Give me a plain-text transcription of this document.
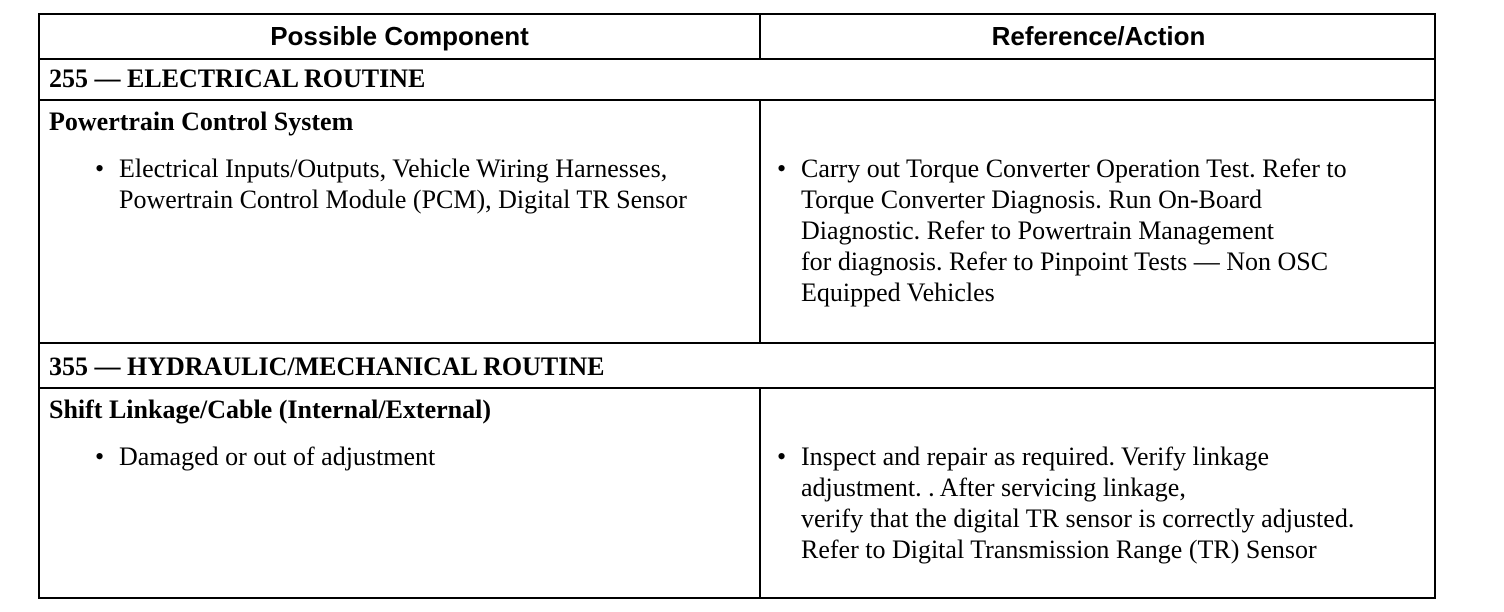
Possible Component	Reference/Action
255 — ELECTRICAL ROUTINE
Powertrain Control System
• Electrical Inputs/Outputs, Vehicle Wiring Harnesses,
Powertrain Control Module (PCM), Digital TR Sensor
• Carry out Torque Converter Operation Test. Refer to
Torque Converter Diagnosis. Run On-Board
Diagnostic. Refer to Powertrain Management
for diagnosis. Refer to Pinpoint Tests — Non OSC
Equipped Vehicles
355 — HYDRAULIC/MECHANICAL ROUTINE
Shift Linkage/Cable (Internal/External)
• Damaged or out of adjustment	• Inspect and repair as required. Verify linkage
adjustment. . After servicing linkage,
verify that the digital TR sensor is correctly adjusted.
Refer to Digital Transmission Range (TR) Sensor
